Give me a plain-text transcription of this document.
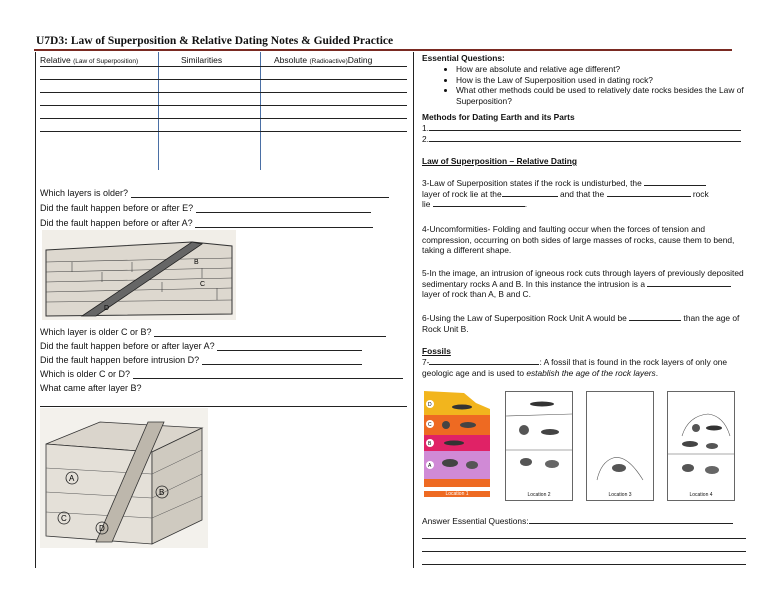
U7D3: Law of Superposition & Relative Dating Notes & Guided Practice
Relative (Law of Superposition)	Similarities	Absolute (Radioactive)Dating
Which layers is older?
Did the fault happen before or after E?
Did the fault happen before or after A?
B
C
D
Which layer is older C or B?
Did the fault happen before or after layer A?
Did the fault happen before intrusion D?
Which is older C or D?
What came after layer B?
A
B
C
D
Essential Questions:
• How are absolute and relative age different?
• How is the Law of Superposition used in dating rock?
• What other methods could be used to relatively date rocks besides the Law of Superposition?
Methods for Dating Earth and its Parts
1.
2.
Law of Superposition – Relative Dating
3-Law of Superposition states if the rock is undisturbed, the
layer of rock lie at the	and that the	rock
lie	.
4-Uncomformities- Folding and faulting occur when the forces of tension and compression, occurring on both sides of large masses of rocks, cause them to bend, taking a different shape.
5-In the image, an intrusion of igneous rock cuts through layers of previously deposited sedimentary rocks A and B. In this instance the intrusion is a  layer of rock than A, B and C.
6-Using the Law of Superposition Rock Unit A would be	than the age of Rock Unit B.
Fossils
7-	: A fossil that is found in the rock layers of only one geologic age and is used to establish the age of the rock layers.
D
C
B
A
Location 1	Location 2	Location 3	Location 4
Answer Essential Questions:
